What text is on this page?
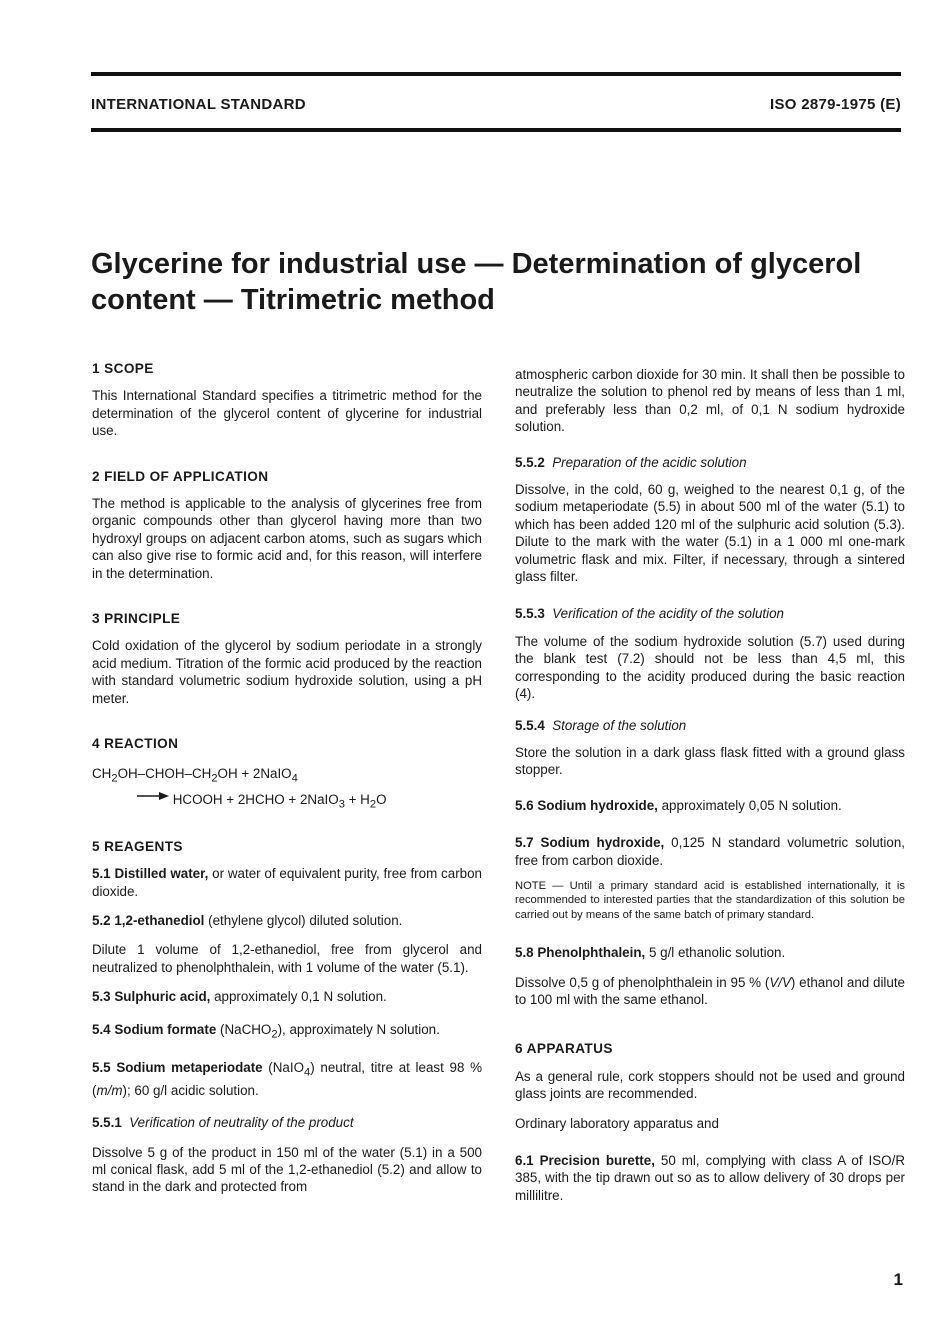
INTERNATIONAL STANDARD	ISO 2879-1975 (E)
Glycerine for industrial use — Determination of glycerol
content — Titrimetric method
1 SCOPE

This International Standard specifies a titrimetric method for the determination of the glycerol content of glycerine for industrial use.

2 FIELD OF APPLICATION

The method is applicable to the analysis of glycerines free from organic compounds other than glycerol having more than two hydroxyl groups on adjacent carbon atoms, such as sugars which can also give rise to formic acid and, for this reason, will interfere in the determination.

3 PRINCIPLE

Cold oxidation of the glycerol by sodium periodate in a strongly acid medium. Titration of the formic acid produced by the reaction with standard volumetric sodium hydroxide solution, using a pH meter.

4 REACTION
$CH_2OH-CHOH-CH_2OH$ + 2NaIO$_4$
→ HCOOH + 2HCHO + 2NaIO$_3$ + $H_2O$
5 REAGENTS

5.1 Distilled water, or water of equivalent purity, free from carbon dioxide.

5.2 1,2-ethanediol (ethylene glycol) diluted solution.

Dilute 1 volume of 1,2-ethanediol, free from glycerol and neutralized to phenolphthalein, with 1 volume of the water (5.1).

5.3 Sulphuric acid, approximately 0,1 N solution.

5.4 Sodium formate (NaCHO$_2$), approximately N solution.

5.5 Sodium metaperiodate (NaIO$_4$) neutral, titre at least 98 % (m/m); 60 g/l acidic solution.

5.5.1 Verification of neutrality of the product

Dissolve 5 g of the product in 150 ml of the water (5.1) in a 500 ml conical flask, add 5 ml of the 1,2-ethanediol (5.2) and allow to stand in the dark and protected from

atmospheric carbon dioxide for 30 min. It shall then be possible to neutralize the solution to phenol red by means of less than 1 ml, and preferably less than 0,2 ml, of 0,1 N sodium hydroxide solution.

5.5.2 Preparation of the acidic solution

Dissolve, in the cold, 60 g, weighed to the nearest 0,1 g, of the sodium metaperiodate (5.5) in about 500 ml of the water (5.1) to which has been added 120 ml of the sulphuric acid solution (5.3). Dilute to the mark with the water (5.1) in a 1 000 ml one-mark volumetric flask and mix. Filter, if necessary, through a sintered glass filter.

5.5.3 Verification of the acidity of the solution

The volume of the sodium hydroxide solution (5.7) used during the blank test (7.2) should not be less than 4,5 ml, this corresponding to the acidity produced during the basic reaction (4).

5.5.4 Storage of the solution

Store the solution in a dark glass flask fitted with a ground glass stopper.

5.6 Sodium hydroxide, approximately 0,05 N solution.

5.7 Sodium hydroxide, 0,125 N standard volumetric solution, free from carbon dioxide.

NOTE — Until a primary standard acid is established internationally, it is recommended to interested parties that the standardization of this solution be carried out by means of the same batch of primary standard.

5.8 Phenolphthalein, 5 g/l ethanolic solution.

Dissolve 0,5 g of phenolphthalein in 95 % (V/V) ethanol and dilute to 100 ml with the same ethanol.

6 APPARATUS

As a general rule, cork stoppers should not be used and ground glass joints are recommended.

Ordinary laboratory apparatus and

6.1 Precision burette, 50 ml, complying with class A of ISO/R 385, with the tip drawn out so as to allow delivery of 30 drops per millilitre.

1
